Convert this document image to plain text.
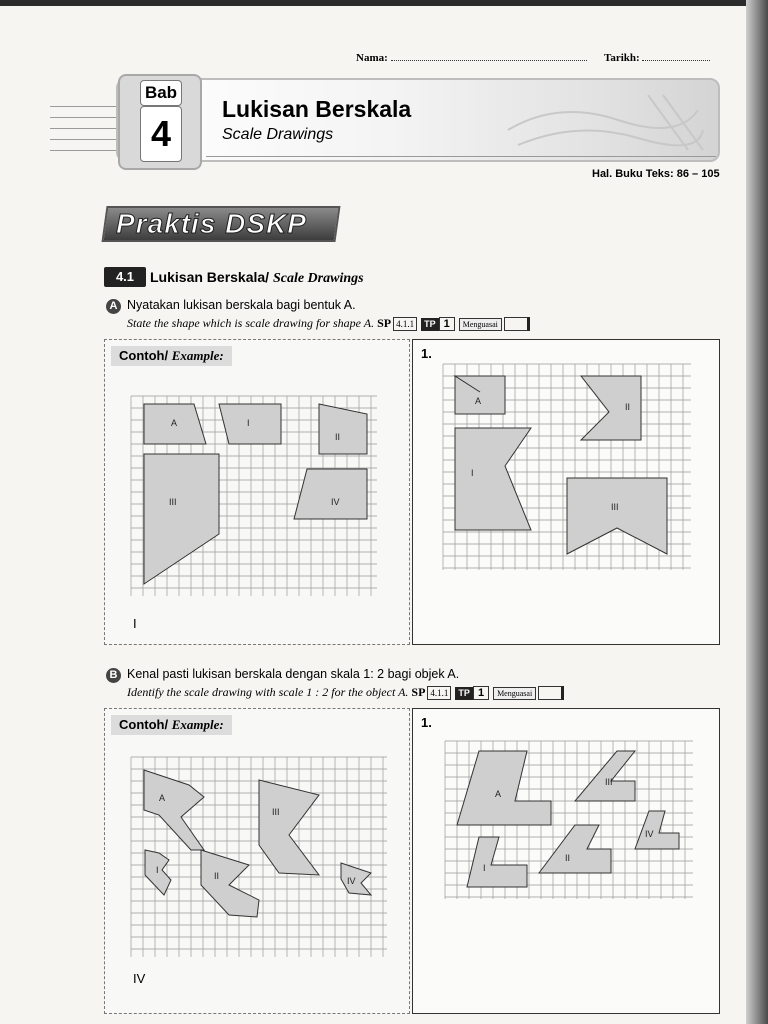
Nama:	Tarikh:
Lukisan Berskala
Scale Drawings
Bab
4
Hal. Buku Teks: 86 – 105
Praktis DSKP
4.1	Lukisan Berskala/ Scale Drawings
A Nyatakan lukisan berskala bagi bentuk A.
State the shape which is scale drawing for shape A. SP 4.1.1 TP 1 Menguasai
Contoh/ Example:
A	I
II
III	IV
I
1.
A
II
I
III
B Kenal pasti lukisan berskala dengan skala 1: 2 bagi objek A.
Identify the scale drawing with scale 1 : 2 for the object A. SP 4.1.1 TP 1 Menguasai
Contoh/ Example:
A
III
I
II	IV
IV
1.
III
A
IV
I
II
